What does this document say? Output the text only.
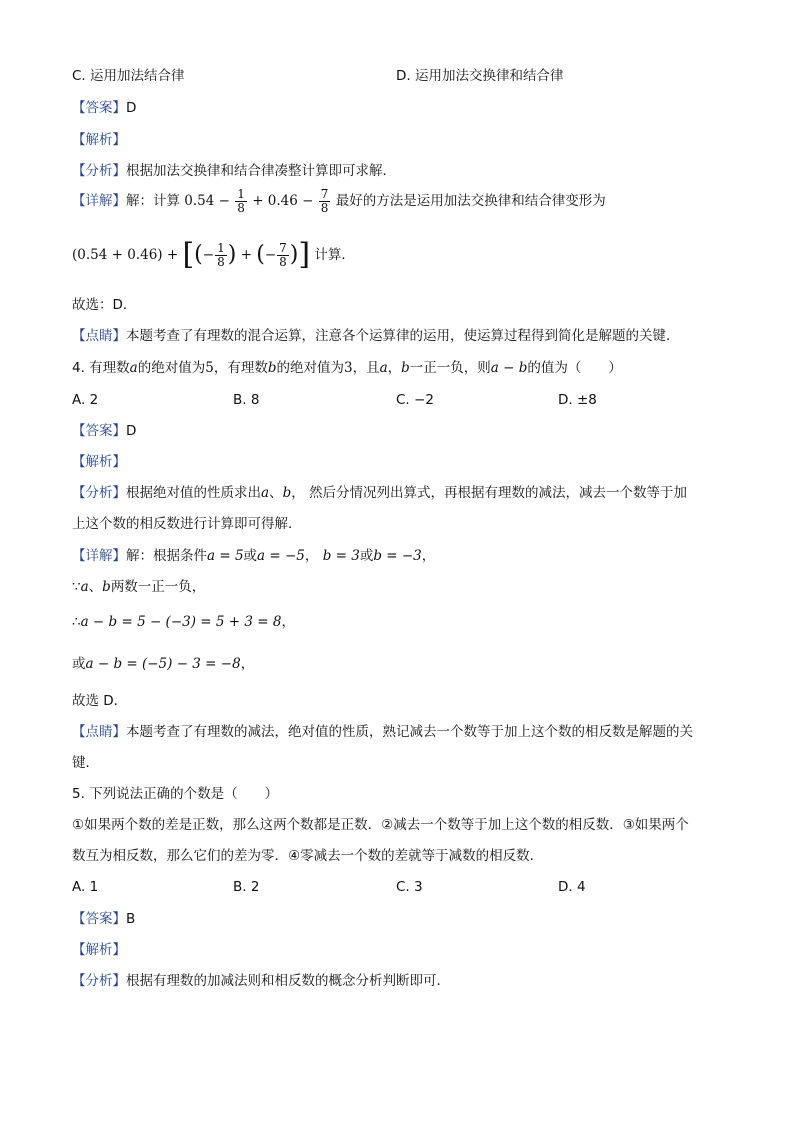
C. 运用加法结合律	D. 运用加法交换律和结合律
【答案】D
【解析】
【分析】根据加法交换律和结合律凑整计算即可求解．
【详解】解：计算 $0.54 - \frac{1}{8} + 0.46 - \frac{7}{8}$ 最好的方法是运用加法交换律和结合律变形为
(0.54 + 0.46) + [(− $\frac{1}{8}$ ) + (− $\frac{7}{8}$ )] 计算．
故选：D．
【点睛】本题考查了有理数的混合运算，注意各个运算律的运用，使运算过程得到简化是解题的关键．
4. 有理数a的绝对值为5，有理数b的绝对值为3，且a，b一正一负，则a − b的值为（　　）
A. 2	B. 8	C. −2	D. ±8
【答案】D
【解析】
【分析】根据绝对值的性质求出a、b， 然后分情况列出算式，再根据有理数的减法，减去一个数等于加
上这个数的相反数进行计算即可得解．
【详解】解：根据条件a = 5或a = −5， b = 3或b = −3，
∵a、b两数一正一负，
∴a − b = 5 − (−3) = 5 + 3 = 8，
或a − b = (−5) − 3 = −8，
故选 D．
【点睛】本题考查了有理数的减法，绝对值的性质，熟记减去一个数等于加上这个数的相反数是解题的关
键．
5. 下列说法正确的个数是（　　）
①如果两个数的差是正数，那么这两个数都是正数．②减去一个数等于加上这个数的相反数．③如果两个
数互为相反数，那么它们的差为零．④零减去一个数的差就等于减数的相反数．
A. 1	B. 2	C. 3	D. 4
【答案】B
【解析】
【分析】根据有理数的加减法则和相反数的概念分析判断即可．
